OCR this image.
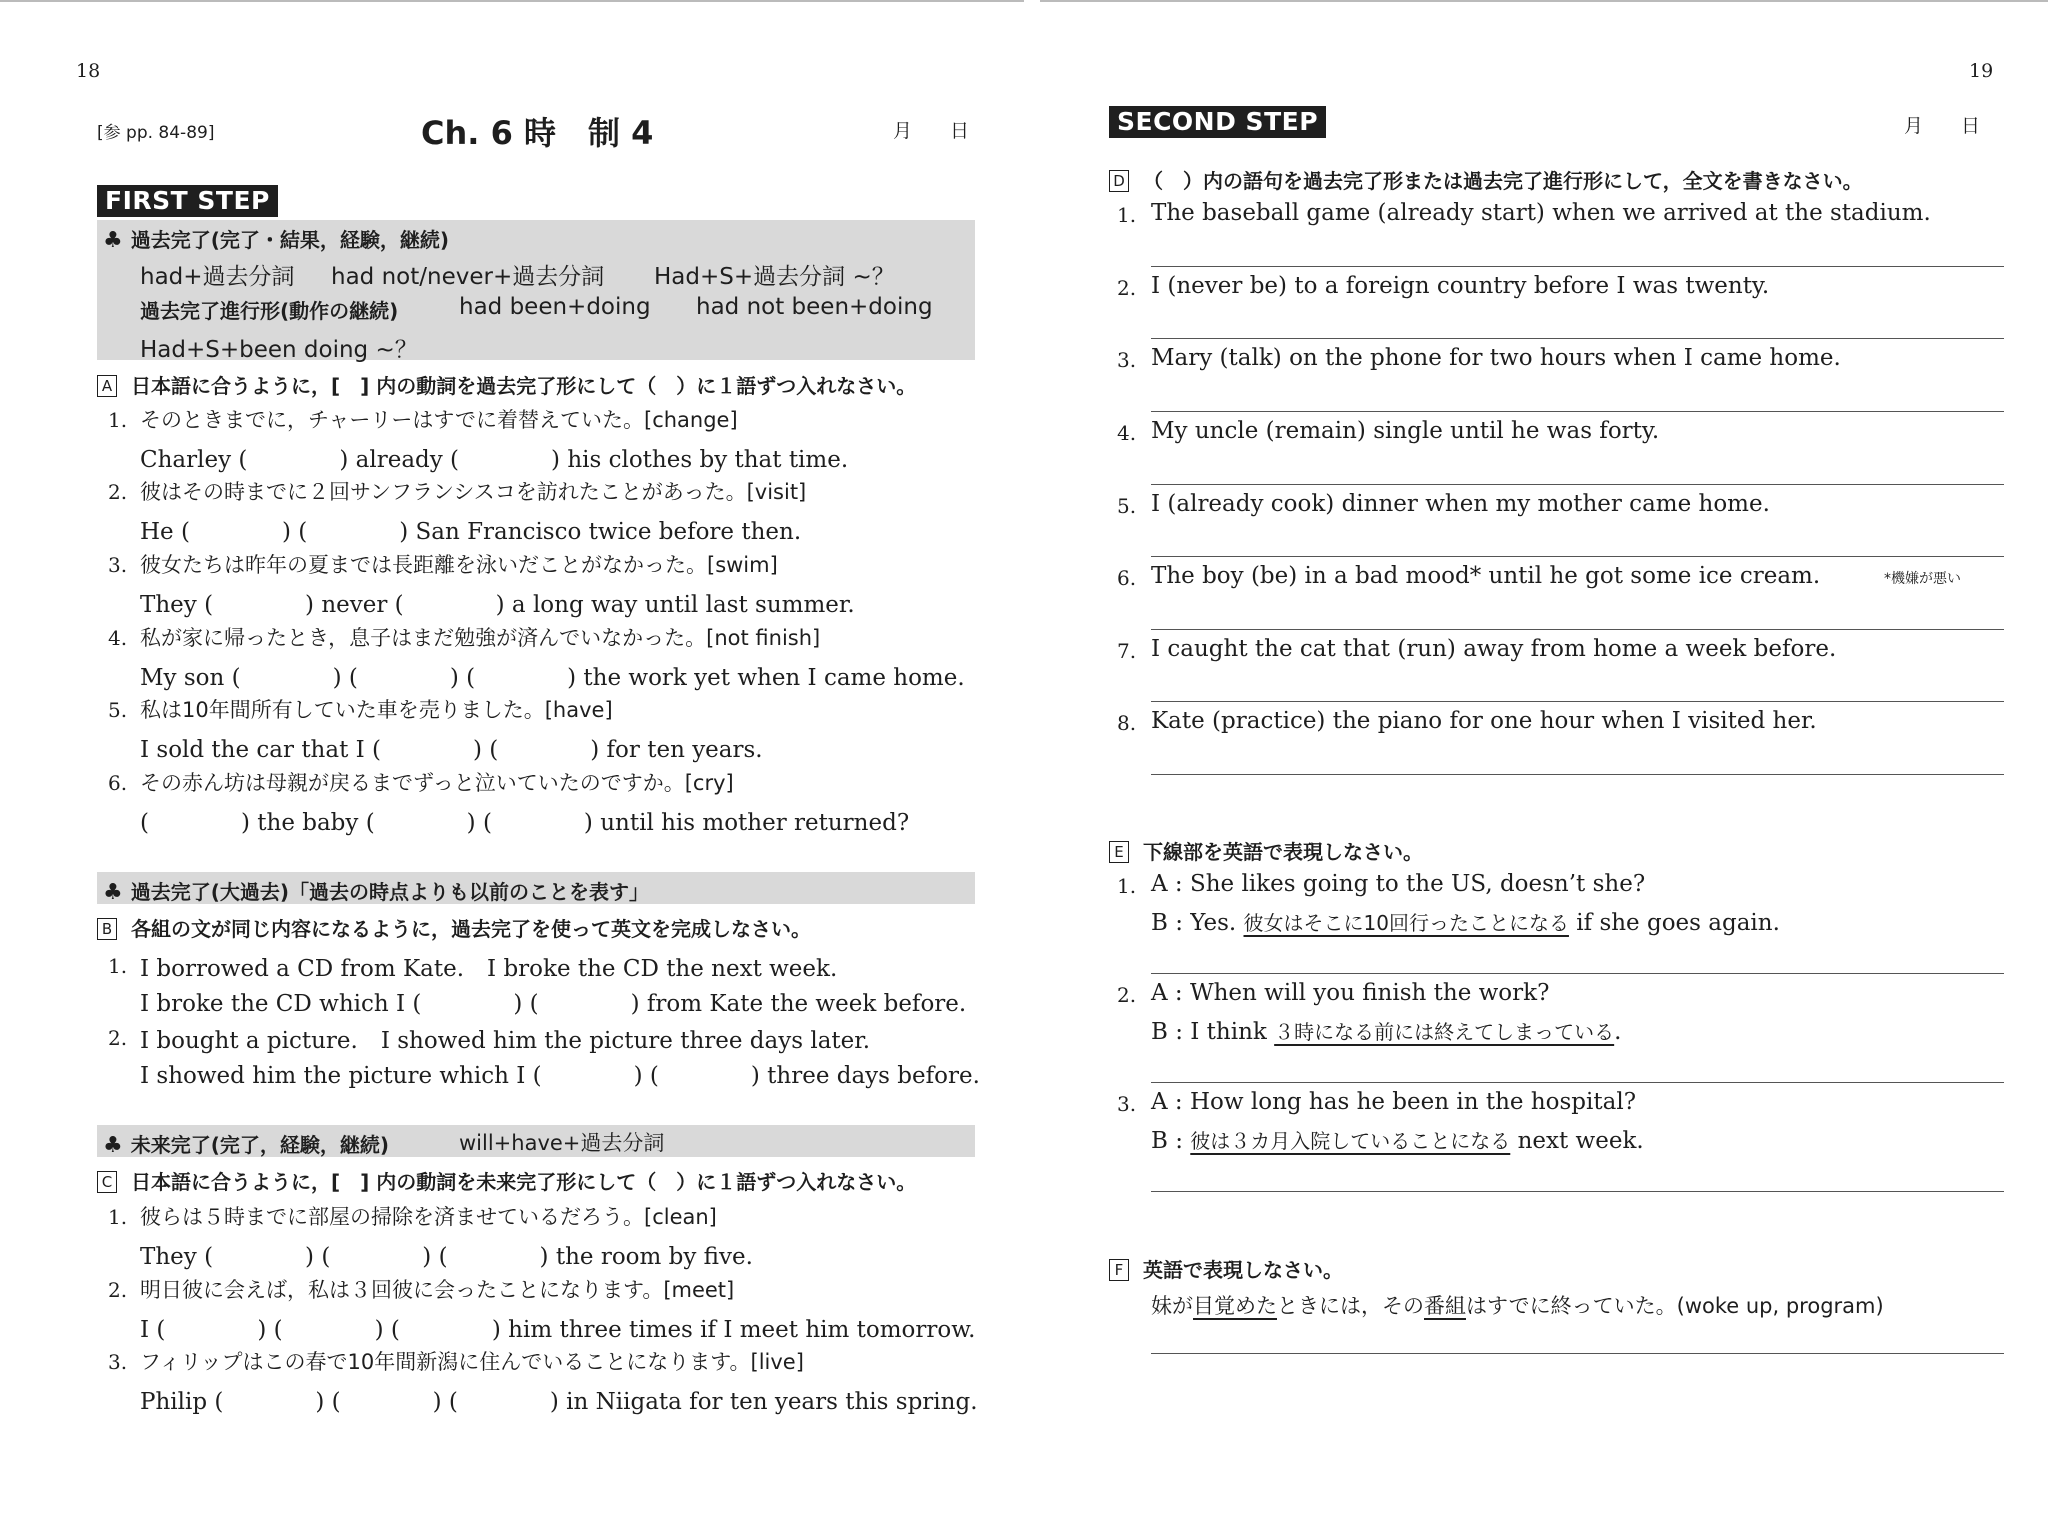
18
[参 pp. 84-89]	Ch. 6 時　制 4	月　　日
FIRST STEP
♣ 過去完了(完了・結果，経験，継続)
had+過去分詞 had not/never+過去分詞 Had+S+過去分詞 ~？
過去完了進行形(動作の継続)	had been+doing had not been+doing
Had+S+been doing ~？
A 日本語に合うように，[　] 内の動詞を過去完了形にして（　）に１語ずつ入れなさい。
1. そのときまでに，チャーリーはすでに着替えていた。[change]
Charley (　　　　) already (　　　　) his clothes by that time.
2. 彼はその時までに２回サンフランシスコを訪れたことがあった。[visit]
He (　　　　) (　　　　) San Francisco twice before then.
3. 彼女たちは昨年の夏までは長距離を泳いだことがなかった。[swim]
They (　　　　) never (　　　　) a long way until last summer.
4. 私が家に帰ったとき，息子はまだ勉強が済んでいなかった。[not finish]
My son (　　　　) (　　　　) (　　　　) the work yet when I came home.
5. 私は10年間所有していた車を売りました。[have]
I sold the car that I (　　　　) (　　　　) for ten years.
6. その赤ん坊は母親が戻るまでずっと泣いていたのですか。[cry]
(　　　　) the baby (　　　　) (　　　　) until his mother returned?
♣ 過去完了(大過去)「過去の時点よりも以前のことを表す」
B 各組の文が同じ内容になるように，過去完了を使って英文を完成しなさい。
1. I borrowed a CD from Kate.　I broke the CD the next week.
I broke the CD which I (　　　　) (　　　　) from Kate the week before.
2. I bought a picture.　I showed him the picture three days later.
I showed him the picture which I (　　　　) (　　　　) three days before.
♣ 未来完了(完了，経験，継続)	will+have+過去分詞
C 日本語に合うように，[　] 内の動詞を未来完了形にして（　）に１語ずつ入れなさい。
1. 彼らは５時までに部屋の掃除を済ませているだろう。[clean]
They (　　　　) (　　　　) (　　　　) the room by five.
2. 明日彼に会えば，私は３回彼に会ったことになります。[meet]
I (　　　　) (　　　　) (　　　　) him three times if I meet him tomorrow.
3. フィリップはこの春で10年間新潟に住んでいることになります。[live]
Philip (　　　　) (　　　　) (　　　　) in Niigata for ten years this spring.
19
SECOND STEP	月　　日
D （　）内の語句を過去完了形または過去完了進行形にして，全文を書きなさい。
1. The baseball game (already start) when we arrived at the stadium.
2. I (never be) to a foreign country before I was twenty.
3. Mary (talk) on the phone for two hours when I came home.
4. My uncle (remain) single until he was forty.
5. I (already cook) dinner when my mother came home.
6. The boy (be) in a bad mood* until he got some ice cream.	*機嫌が悪い
7. I caught the cat that (run) away from home a week before.
8. Kate (practice) the piano for one hour when I visited her.
E 下線部を英語で表現しなさい。
1. A : She likes going to the US, doesn’t she?
B : Yes. 彼女はそこに10回行ったことになる if she goes again.
2. A : When will you finish the work?
B : I think ３時になる前には終えてしまっている.
3. A : How long has he been in the hospital?
B : 彼は３カ月入院していることになる next week.
F 英語で表現しなさい。
妹が目覚めたときには，その番組はすでに終っていた。(woke up, program)
